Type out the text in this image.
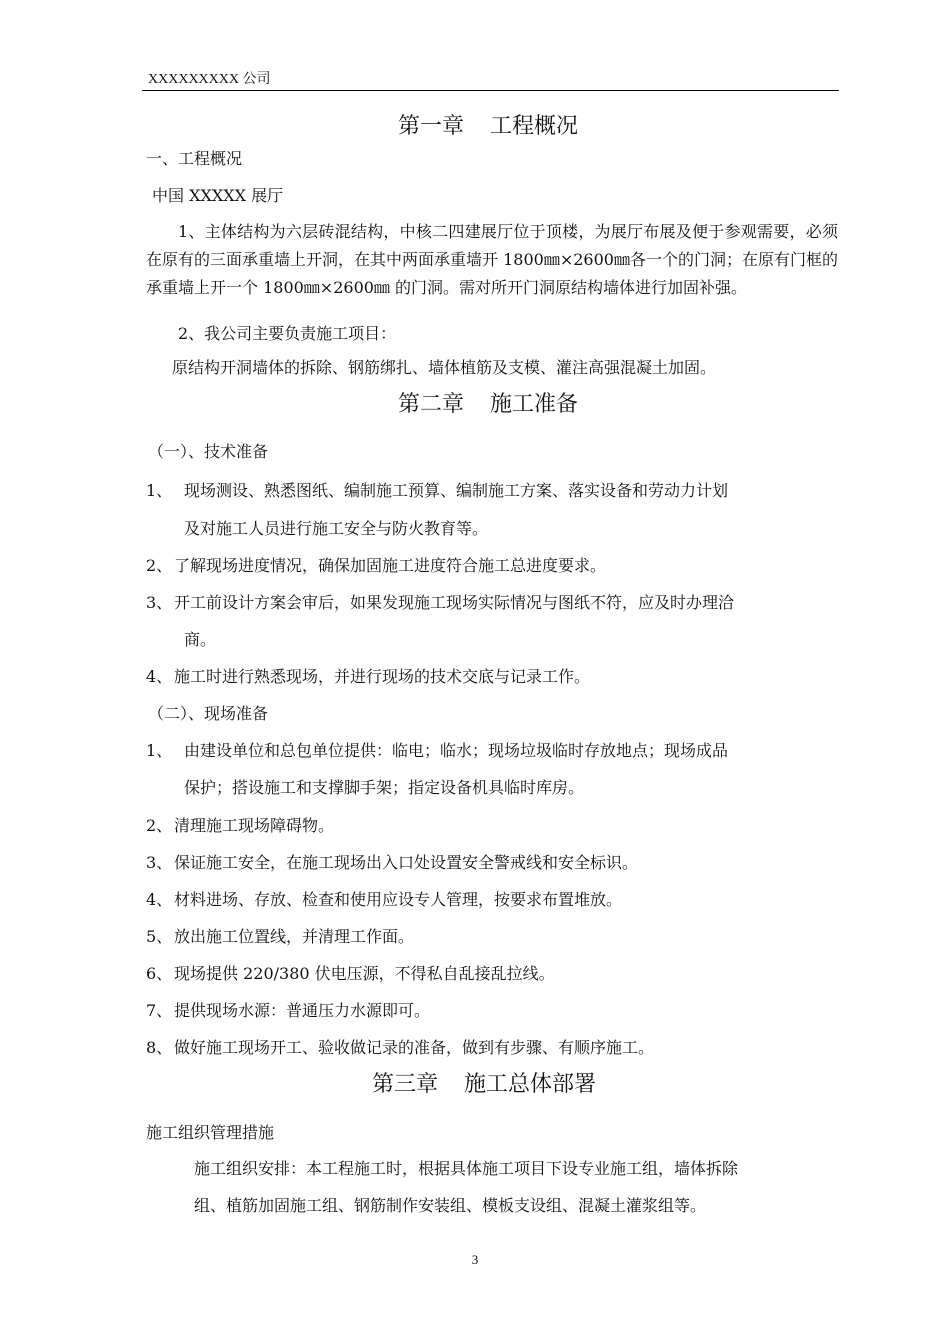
XXXXXXXXX 公司
第一章 工程概况
一、工程概况
中国 XXXXX 展厅
1、主体结构为六层砖混结构，中核二四建展厅位于顶楼，为展厅布展及便于参观需要，必须在原有的三面承重墙上开洞，在其中两面承重墙开 1800㎜×2600㎜各一个的门洞；在原有门框的承重墙上开一个 1800㎜×2600㎜ 的门洞。需对所开门洞原结构墙体进行加固补强。
2、我公司主要负责施工项目：
原结构开洞墙体的拆除、钢筋绑扎、墙体植筋及支模、灌注高强混凝土加固。
第二章 施工准备
（一）、技术准备
1、 现场测设、熟悉图纸、编制施工预算、编制施工方案、落实设备和劳动力计划
及对施工人员进行施工安全与防火教育等。
2、 了解现场进度情况，确保加固施工进度符合施工总进度要求。
3、 开工前设计方案会审后，如果发现施工现场实际情况与图纸不符，应及时办理洽
商。
4、 施工时进行熟悉现场，并进行现场的技术交底与记录工作。
（二）、现场准备
1、 由建设单位和总包单位提供：临电；临水；现场垃圾临时存放地点；现场成品
保护；搭设施工和支撑脚手架；指定设备机具临时库房。
2、 清理施工现场障碍物。
3、 保证施工安全，在施工现场出入口处设置安全警戒线和安全标识。
4、 材料进场、存放、检查和使用应设专人管理，按要求布置堆放。
5、 放出施工位置线，并清理工作面。
6、 现场提供 220/380 伏电压源，不得私自乱接乱拉线。
7、 提供现场水源：普通压力水源即可。
8、 做好施工现场开工、验收做记录的准备，做到有步骤、有顺序施工。
第三章 施工总体部署
施工组织管理措施
施工组织安排：本工程施工时，根据具体施工项目下设专业施工组，墙体拆除
组、植筋加固施工组、钢筋制作安装组、模板支设组、混凝土灌浆组等。
3
